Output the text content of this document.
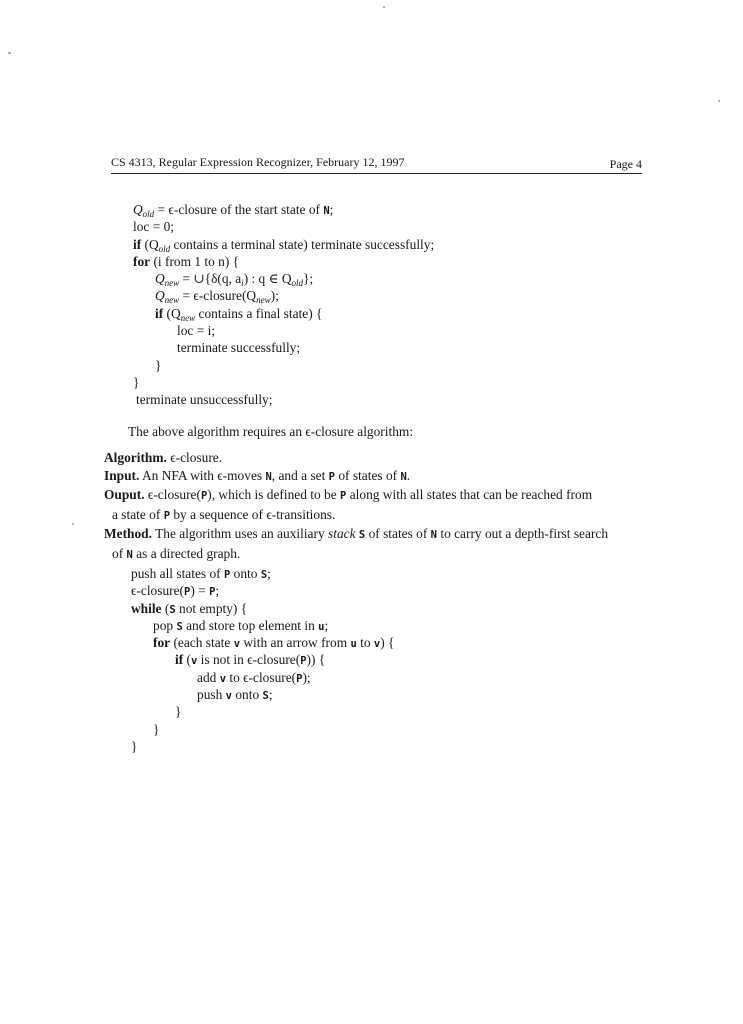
CS 4313, Regular Expression Recognizer, February 12, 1997	Page 4
$Q_{old}$ = ϵ-closure of the start state of N;
loc = 0;
if ($Q_{old}$ contains a terminal state) terminate successfully;
for (i from 1 to n) {
$Q_{new}$ = ∪{δ(q, $a_i$) : q ∈ $Q_{old}$};
$Q_{new}$ = $\epsilon-closure(Q_{new})$;
if ($Q_{new}$ contains a final state) {
loc = i;
terminate successfully;
}
}
terminate unsuccessfully;
The above algorithm requires an ϵ-closure algorithm:
Algorithm. ϵ-closure.
Input. An NFA with ϵ-moves N, and a set P of states of N.
Ouput. ϵ-closure(P), which is defined to be P along with all states that can be reached from
a state of P by a sequence of ϵ-transitions.
Method. The algorithm uses an auxiliary stack S of states of N to carry out a depth-first search
of N as a directed graph.
push all states of P onto S;
ϵ-closure(P) = P;
while (S not empty) {
pop S and store top element in u;
for (each state v with an arrow from u to v) {
if (v is not in ϵ-closure(P)) {
add v to ϵ-closure(P);
push v onto S;
}
}
}
